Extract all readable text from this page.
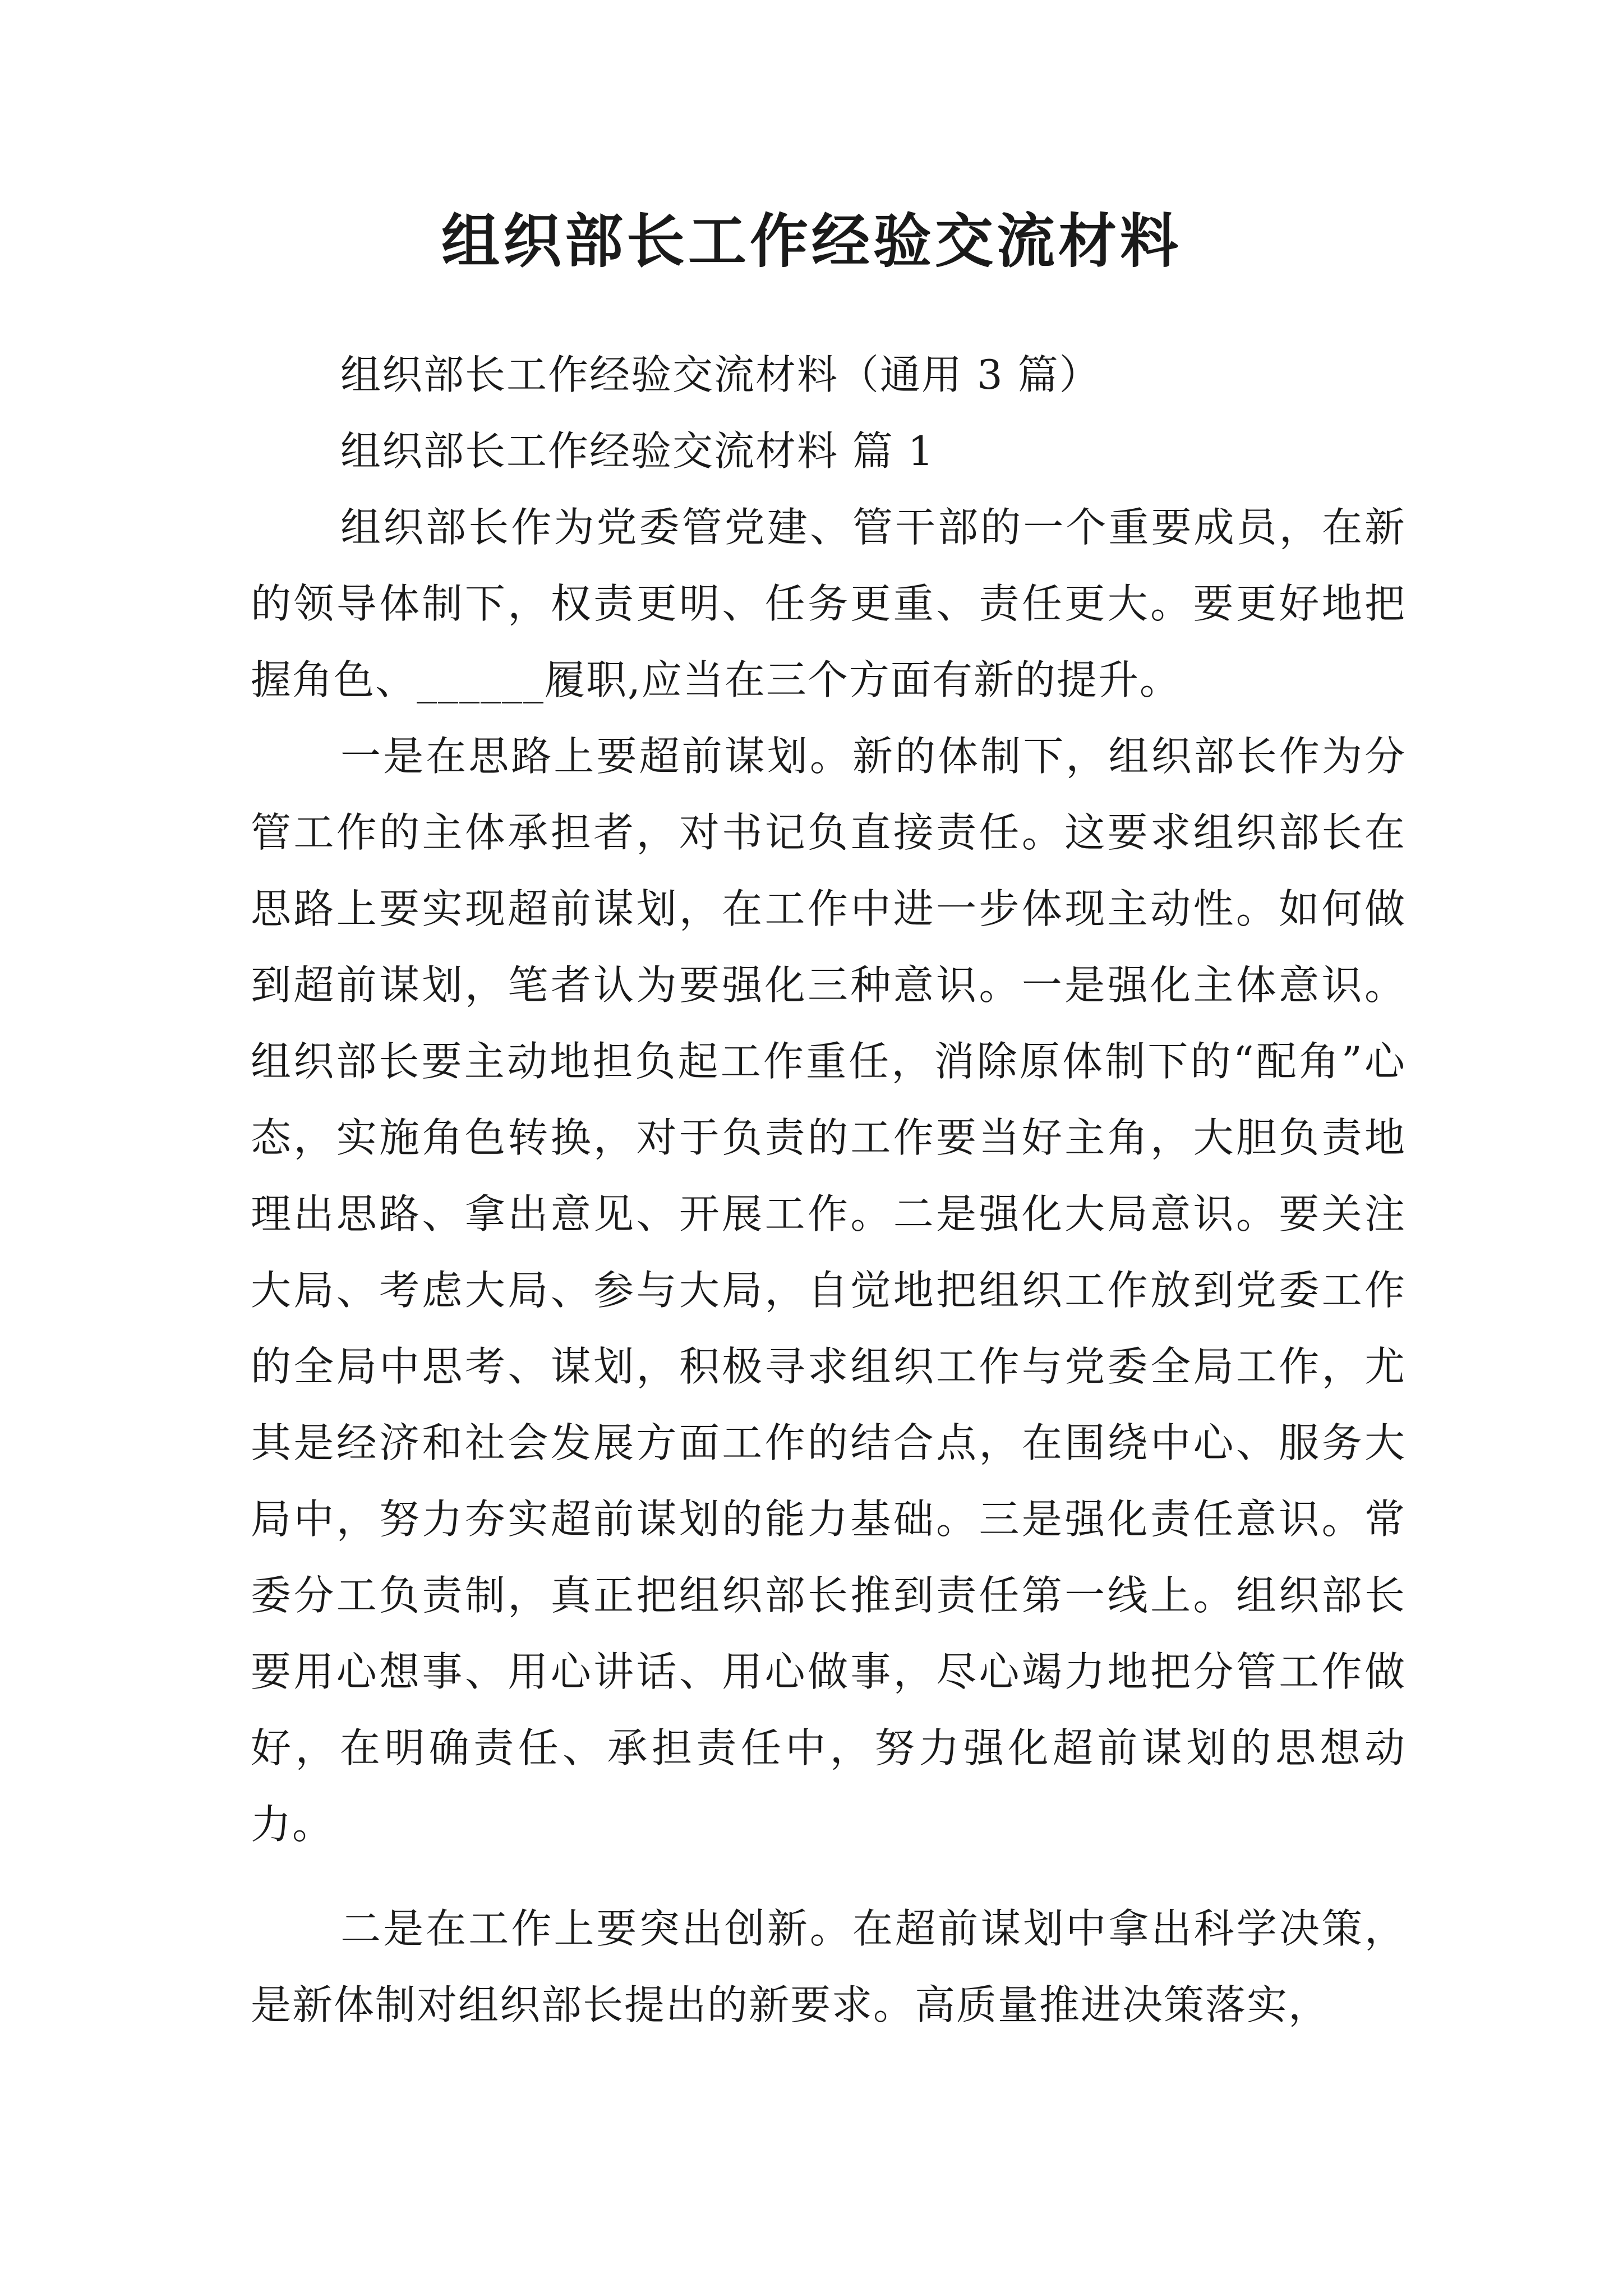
组织部长工作经验交流材料

组织部长工作经验交流材料（通用 3 篇）

组织部长工作经验交流材料 篇 1

组织部长作为党委管党建、管干部的一个重要成员，在新的领导体制下，权责更明、任务更重、责任更大。要更好地把握角色、______履职,应当在三个方面有新的提升。

一是在思路上要超前谋划。新的体制下，组织部长作为分管工作的主体承担者，对书记负直接责任。这要求组织部长在思路上要实现超前谋划，在工作中进一步体现主动性。如何做到超前谋划，笔者认为要强化三种意识。一是强化主体意识。组织部长要主动地担负起工作重任，消除原体制下的“配角”心态，实施角色转换，对于负责的工作要当好主角，大胆负责地理出思路、拿出意见、开展工作。二是强化大局意识。要关注大局、考虑大局、参与大局，自觉地把组织工作放到党委工作的全局中思考、谋划，积极寻求组织工作与党委全局工作，尤其是经济和社会发展方面工作的结合点，在围绕中心、服务大局中，努力夯实超前谋划的能力基础。三是强化责任意识。常委分工负责制，真正把组织部长推到责任第一线上。组织部长要用心想事、用心讲话、用心做事，尽心竭力地把分管工作做好，在明确责任、承担责任中，努力强化超前谋划的思想动力。

二是在工作上要突出创新。在超前谋划中拿出科学决策，是新体制对组织部长提出的新要求。高质量推进决策落实，
